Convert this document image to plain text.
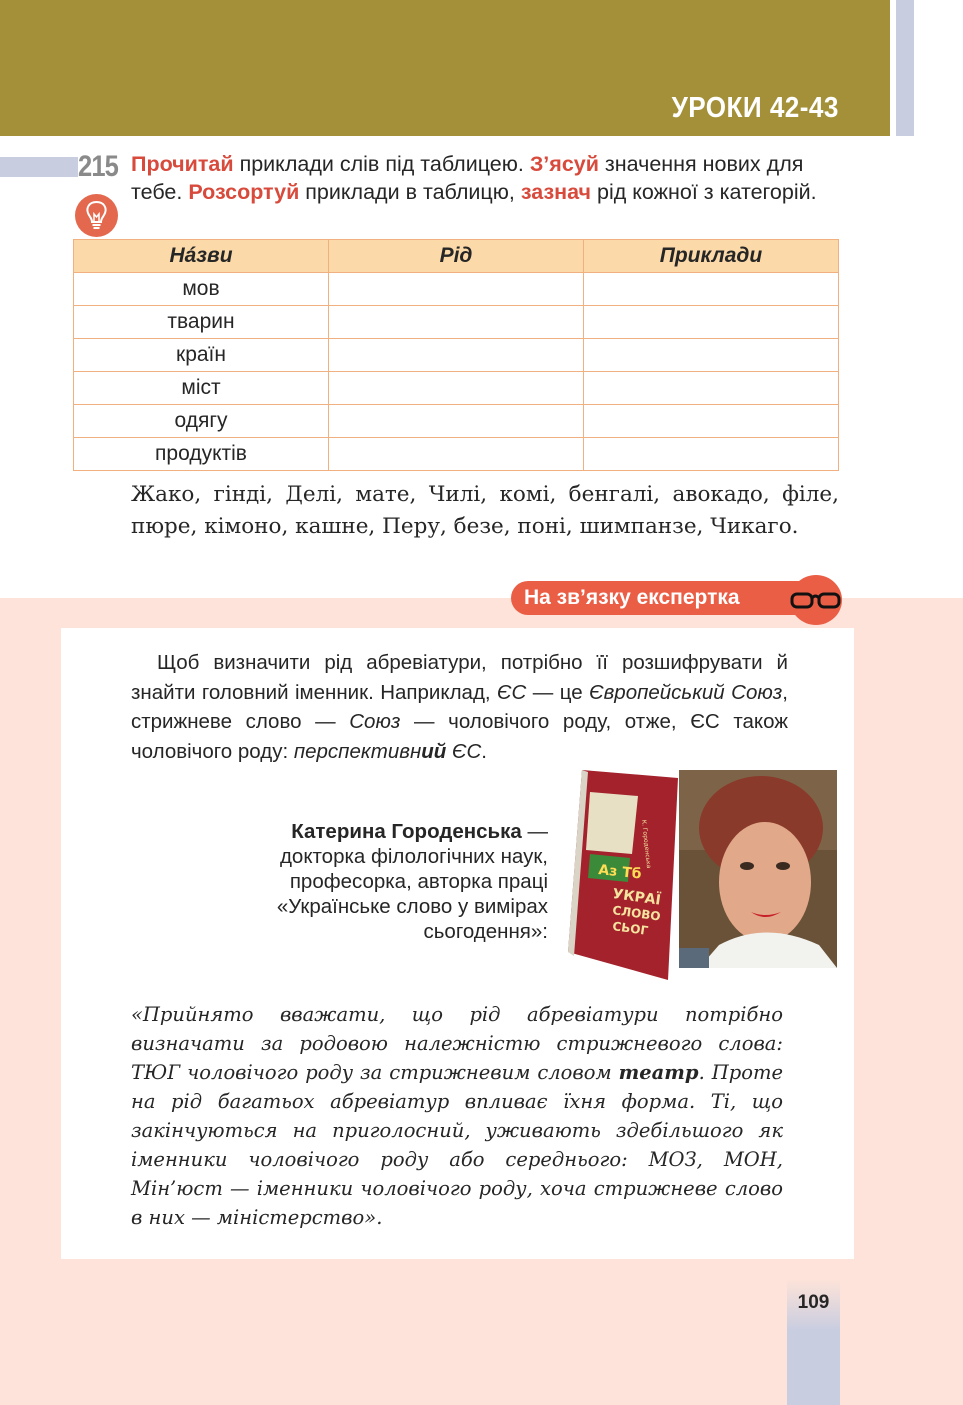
УРОКИ 42-43
215 Прочитай приклади слів під таблицею. З’ясуй значення нових для тебе. Розсортуй приклади в таблицю, зазнач рід кожної з категорій.
Нáзви	Рід	Приклади
мов		
тварин		
країн		
міст		
одягу		
продуктів		
Жако, гінді, Делі, мате, Чилі, комі, бенгалі, авокадо, філе, пюре, кімоно, кашне, Перу, безе, поні, шимпанзе, Чикаго.
На зв’язку експертка
Щоб визначити рід абревіатури, потрібно її розшифрувати й знайти головний іменник. Наприклад, ЄС — це Європейський Союз, стрижневе слово — Союз — чоловічого роду, отже, ЄС також чоловічого роду: перспективний ЄС.
Катерина Городенська — докторка філологічних наук, професорка, авторка праці «Українське слово у вимірах сьогодення»:
Аз Тб
УКРАЇ
СЛОВО
СЬОГ
К. Городенська
«Прийнято вважати, що рід абревіатури потрібно визначати за родовою належністю стрижневого слова: ТЮГ чоловічого роду за стрижневим словом театр. Проте на рід багатьох абревіатур впливає їхня форма. Ті, що закінчуються на приголосний, уживають здебільшого як іменники чоловічого роду або середнього: МОЗ, МОН, Мін’юст — іменники чоловічого роду, хоча стрижневе слово в них — міністерство».
109
